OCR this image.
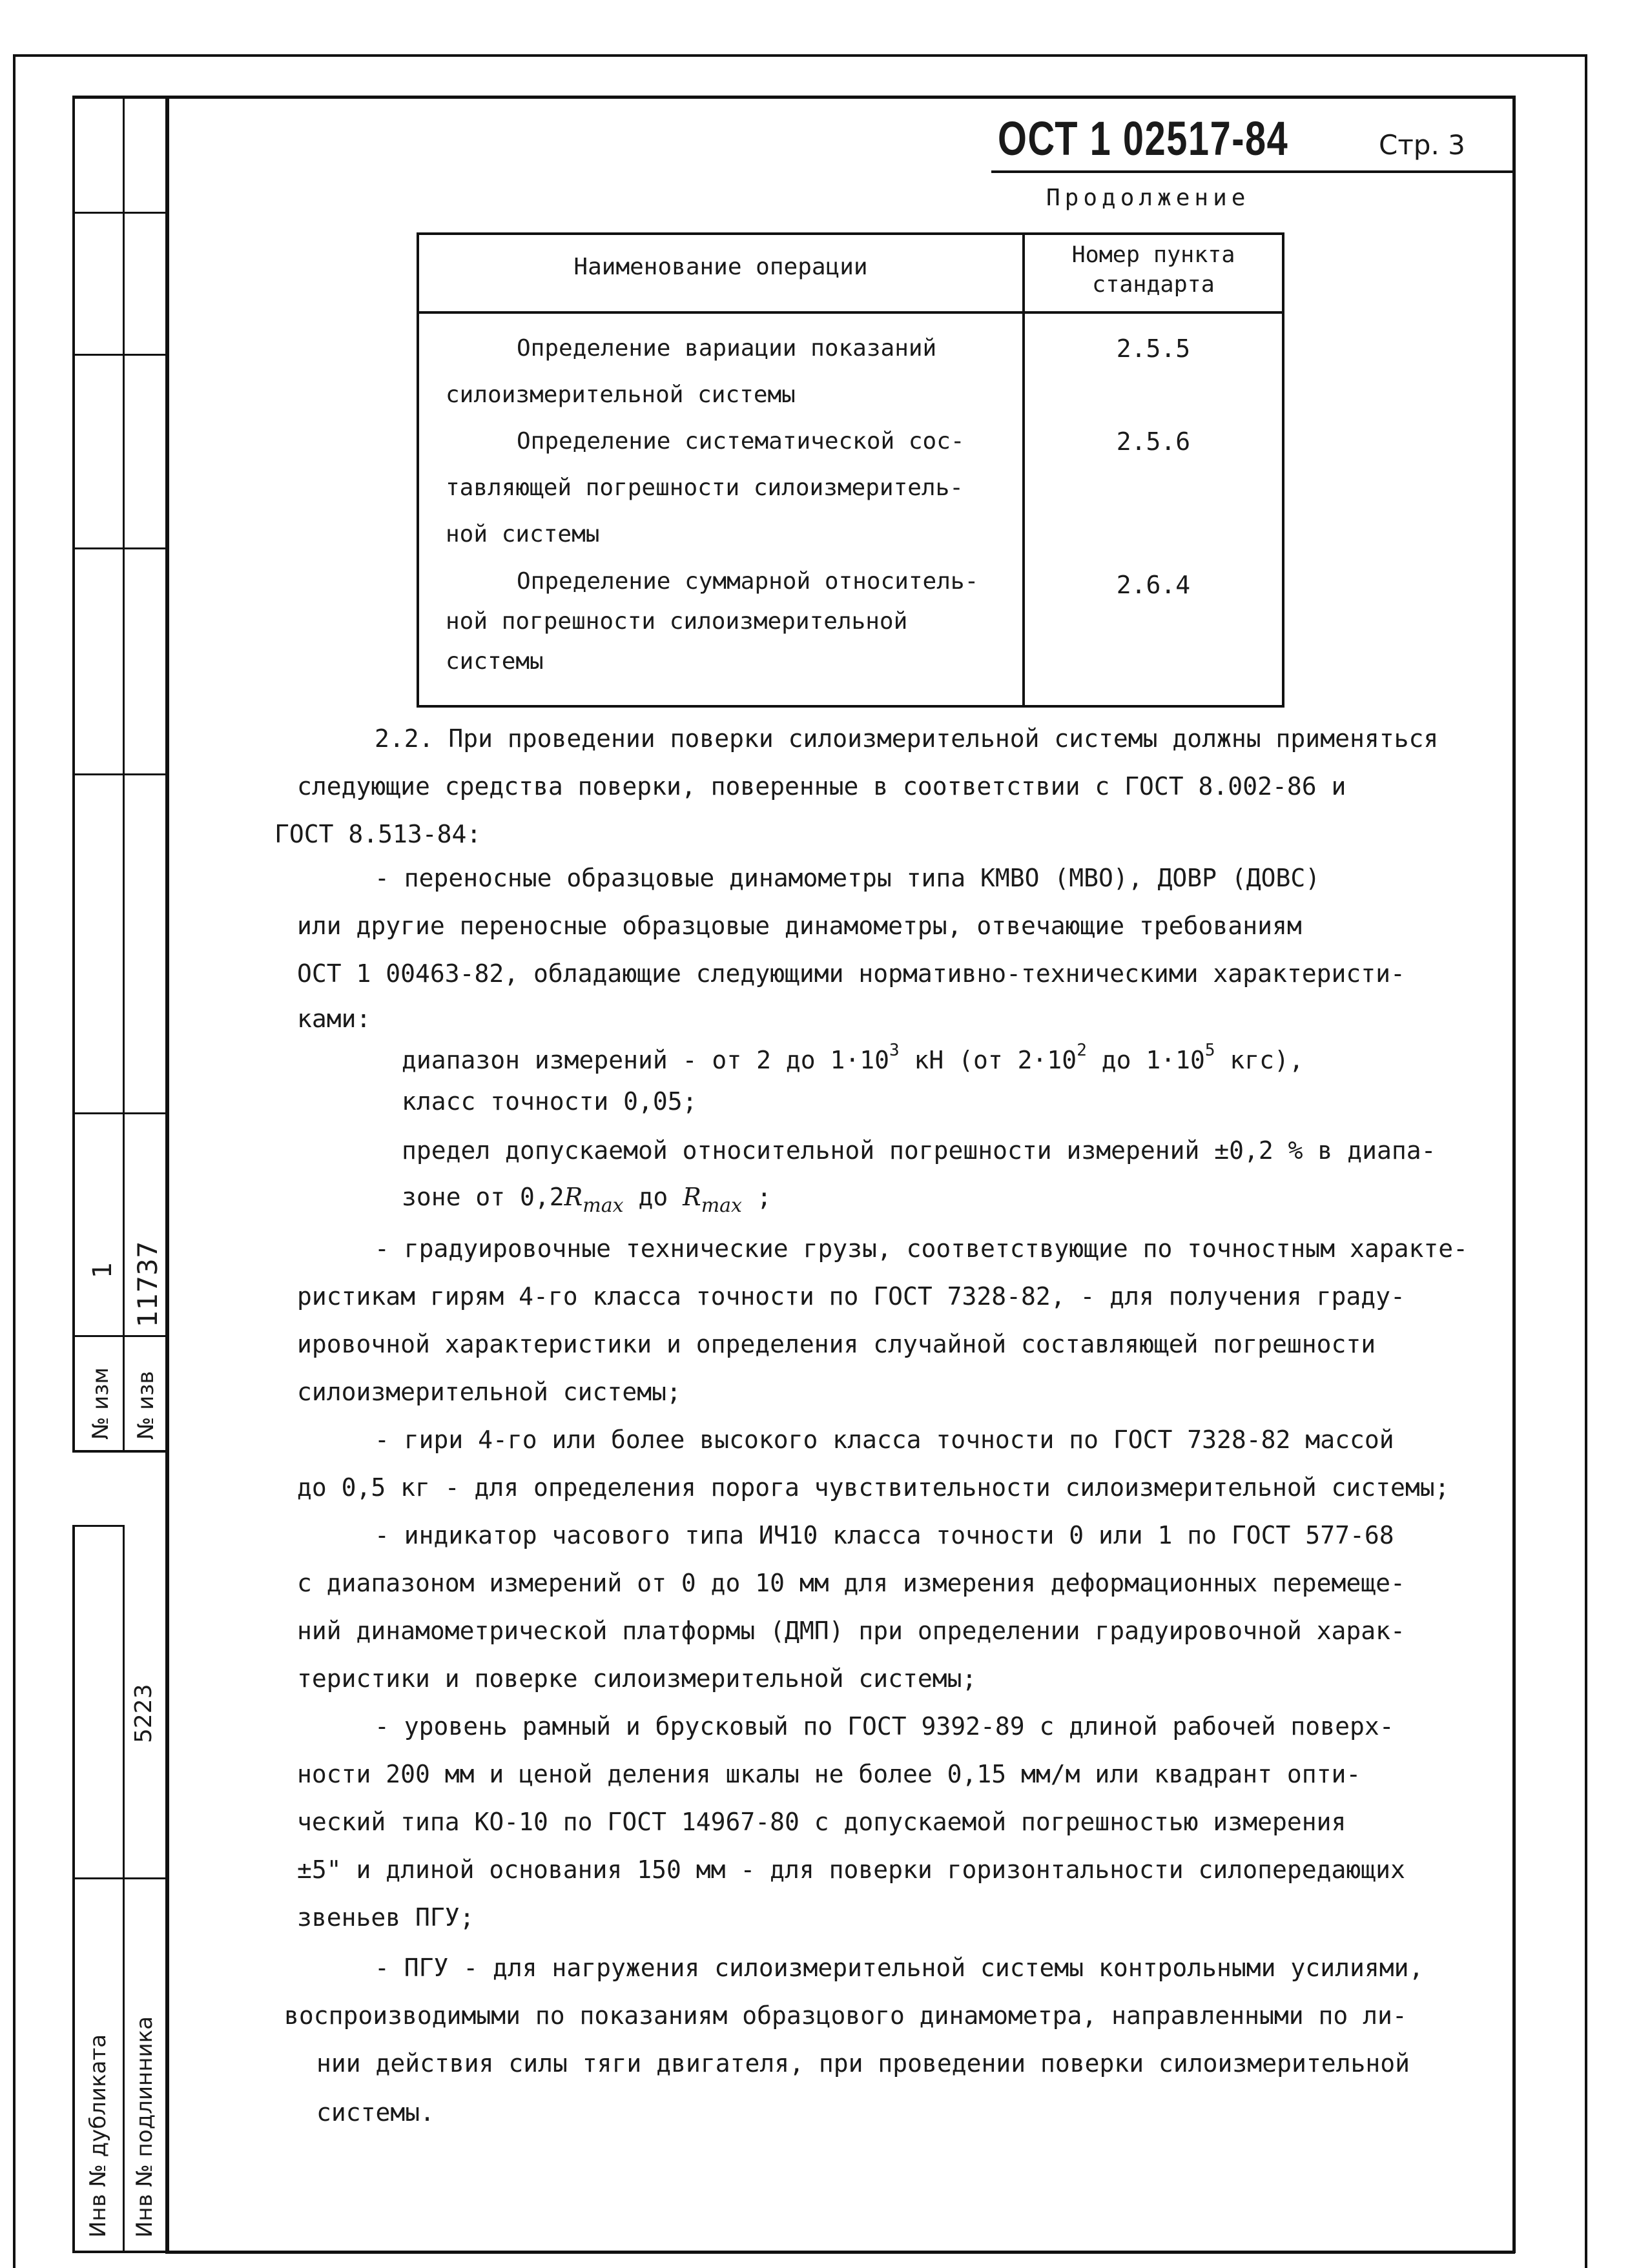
№ изм
1
№ изв
11737
5223
Инв № дубликата Инв № подлинника
ОСТ 1 02517-84	Стр. 3
Продолжение
Наименование операции	Номер пункта
стандарта
Определение вариации показаний
силоизмерительной системы
2.5.5
Определение систематической сос-
тавляющей погрешности силоизмеритель-
ной системы
2.5.6
Определение суммарной относитель-
ной погрешности силоизмерительной
системы
2.6.4
2.2. При проведении поверки силоизмерительной системы должны применяться
следующие средства поверки, поверенные в соответствии с ГОСТ 8.002-86 и
ГОСТ 8.513-84:
- переносные образцовые динамометры типа КМВО (МВО), ДОВР (ДОВС)
или другие переносные образцовые динамометры, отвечающие требованиям
ОСТ 1 00463-82, обладающие следующими нормативно-техническими характеристи-
ками:
диапазон измерений - от 2 до $1\cdot 10^3$ кН (от $2\cdot 10^2$ до $1\cdot 10^5$ кгс),
класс точности 0,05;
предел допускаемой относительной погрешности измерений ±0,2 % в диапа-
зоне от $0,2R_{max}$ до $R_{max}$ ;
- градуировочные технические грузы, соответствующие по точностным характе-
ристикам гирям 4-го класса точности по ГОСТ 7328-82, - для получения граду-
ировочной характеристики и определения случайной составляющей погрешности
силоизмерительной системы;
- гири 4-го или более высокого класса точности по ГОСТ 7328-82 массой
до 0,5 кг - для определения порога чувствительности силоизмерительной системы;
- индикатор часового типа ИЧ10 класса точности 0 или 1 по ГОСТ 577-68
с диапазоном измерений от 0 до 10 мм для измерения деформационных перемеще-
ний динамометрической платформы (ДМП) при определении градуировочной харак-
теристики и поверке силоизмерительной системы;
- уровень рамный и брусковый по ГОСТ 9392-89 с длиной рабочей поверх-
ности 200 мм и ценой деления шкалы не более 0,15 мм/м или квадрант опти-
ческий типа КО-10 по ГОСТ 14967-80 с допускаемой погрешностью измерения
±5" и длиной основания 150 мм - для поверки горизонтальности силопередающих
звеньев ПГУ;
- ПГУ - для нагружения силоизмерительной системы контрольными усилиями,
воспроизводимыми по показаниям образцового динамометра, направленными по ли-
нии действия силы тяги двигателя, при проведении поверки силоизмерительной
системы.
